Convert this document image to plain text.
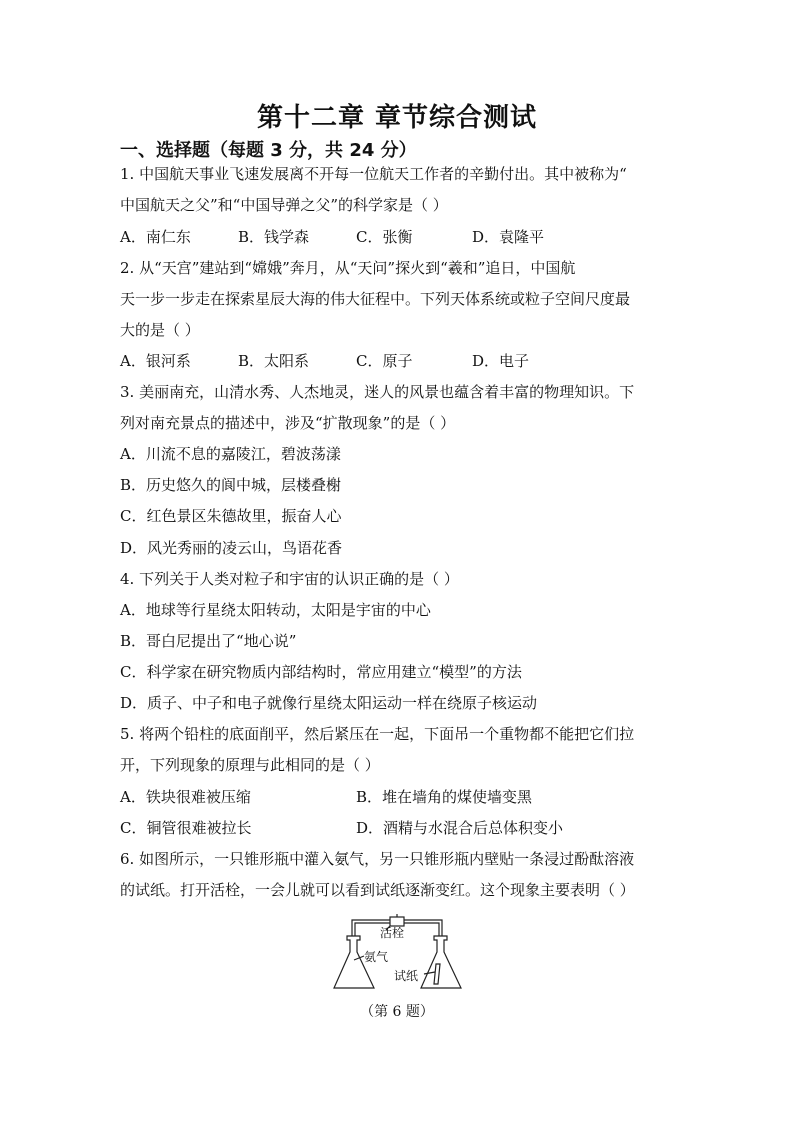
第十二章 章节综合测试
一、选择题（每题 3 分，共 24 分）
1. 中国航天事业飞速发展离不开每一位航天工作者的辛勤付出。其中被称为“
中国航天之父”和“中国导弹之父”的科学家是（ ）
A．南仁东	B．钱学森	C．张衡	D．袁隆平
2. 从“天宫”建站到“嫦娥”奔月，从“天问”探火到“羲和”追日，中国航
天一步一步走在探索星辰大海的伟大征程中。下列天体系统或粒子空间尺度最
大的是（ ）
A．银河系	B．太阳系	C．原子	D．电子
3. 美丽南充，山清水秀、人杰地灵，迷人的风景也蕴含着丰富的物理知识。下
列对南充景点的描述中，涉及“扩散现象”的是（ ）
A．川流不息的嘉陵江，碧波荡漾
B．历史悠久的阆中城，层楼叠榭
C．红色景区朱德故里，振奋人心
D．风光秀丽的凌云山，鸟语花香
4. 下列关于人类对粒子和宇宙的认识正确的是（ ）
A．地球等行星绕太阳转动，太阳是宇宙的中心
B．哥白尼提出了“地心说”
C．科学家在研究物质内部结构时，常应用建立“模型”的方法
D．质子、中子和电子就像行星绕太阳运动一样在绕原子核运动
5. 将两个铅柱的底面削平，然后紧压在一起，下面吊一个重物都不能把它们拉
开，下列现象的原理与此相同的是（ ）
A．铁块很难被压缩	B．堆在墙角的煤使墙变黑
C．铜管很难被拉长	D．酒精与水混合后总体积变小
6. 如图所示，一只锥形瓶中灌入氨气，另一只锥形瓶内壁贴一条浸过酚酞溶液
的试纸。打开活栓，一会儿就可以看到试纸逐渐变红。这个现象主要表明（ ）
活栓
氨气
试纸
（第 6 题）
